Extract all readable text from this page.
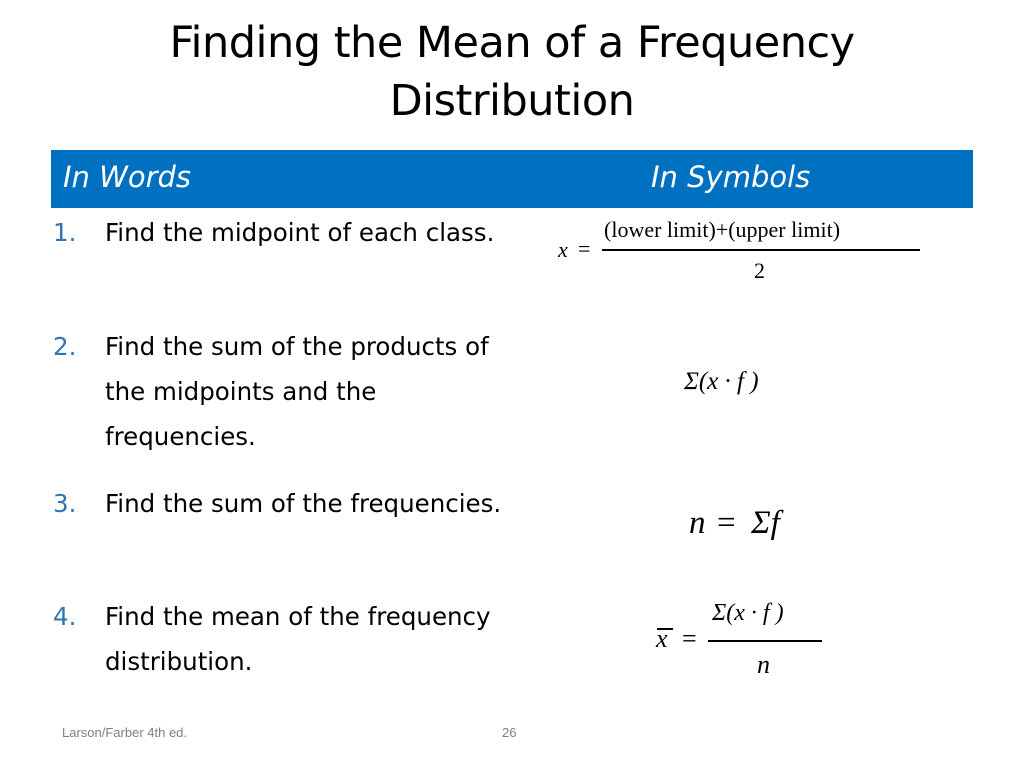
Finding the Mean of a Frequency
Distribution
In Words	In Symbols
1. Find the midpoint of each class.
2. Find the sum of the products of the midpoints and the frequencies.
3. Find the sum of the frequencies.
4. Find the mean of the frequency distribution.
x =
(lower limit)+(upper limit)
2
Σ(x · f )
n = Σf
x =
Σ(x · f )
n
Larson/Farber 4th ed.	26
